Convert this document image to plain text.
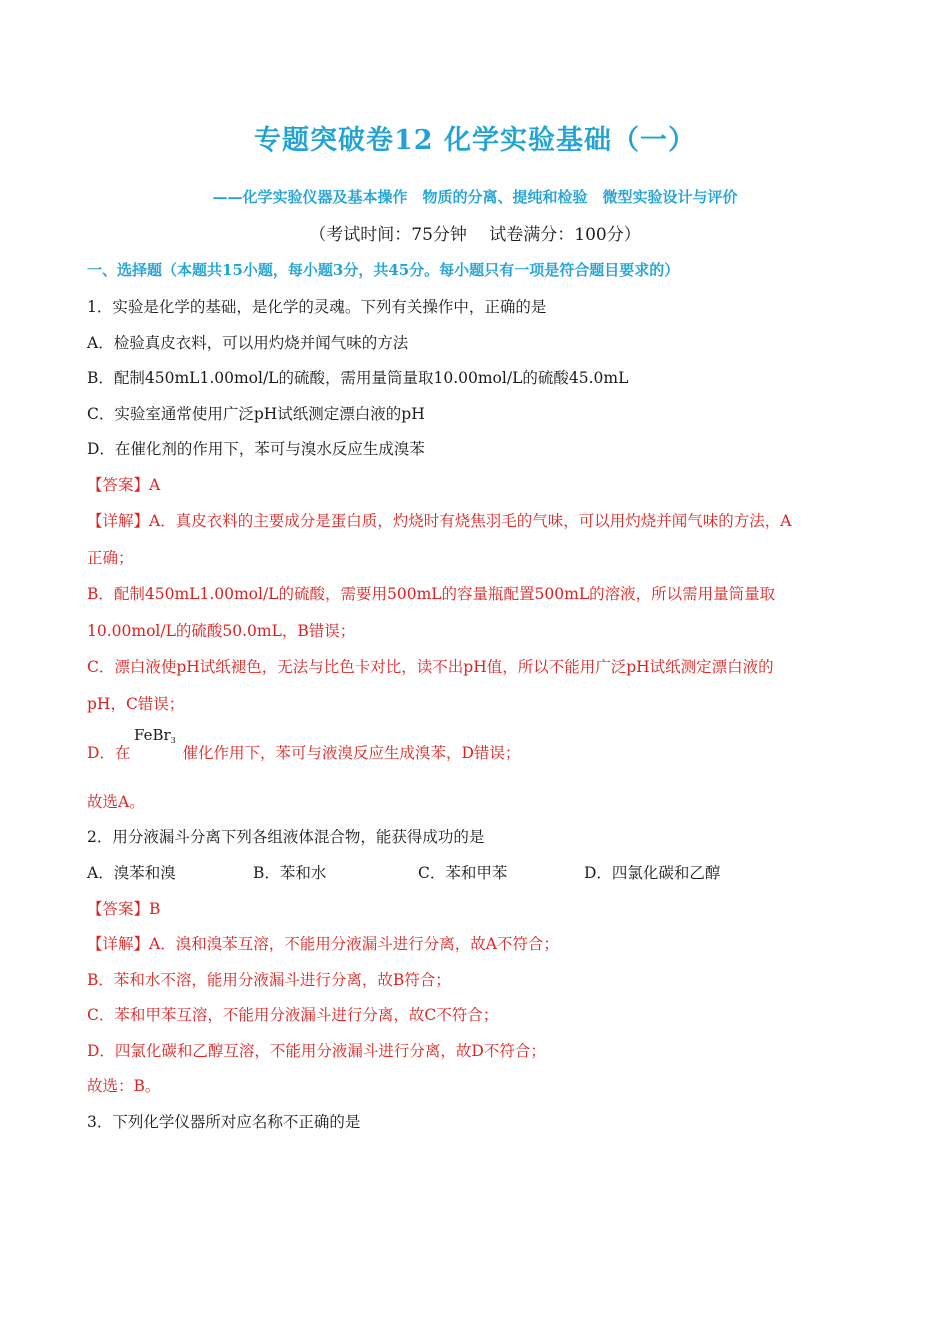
专题突破卷12 化学实验基础（一）
——化学实验仪器及基本操作　物质的分离、提纯和检验　微型实验设计与评价
（考试时间：75分钟　 试卷满分：100分）
一、选择题（本题共15小题，每小题3分，共45分。每小题只有一项是符合题目要求的）
1．实验是化学的基础，是化学的灵魂。下列有关操作中，正确的是
A．检验真皮衣料，可以用灼烧并闻气味的方法
B．配制450mL1.00mol/L的硫酸，需用量筒量取10.00mol/L的硫酸45.0mL
C．实验室通常使用广泛pH试纸测定漂白液的pH
D．在催化剂的作用下，苯可与溴水反应生成溴苯
【答案】A
【详解】A．真皮衣料的主要成分是蛋白质，灼烧时有烧焦羽毛的气味，可以用灼烧并闻气味的方法，A
正确；
B．配制450mL1.00mol/L的硫酸，需要用500mL的容量瓶配置500mL的溶液，所以需用量筒量取
10.00mol/L的硫酸50.0mL，B错误；
C．漂白液使pH试纸褪色，无法与比色卡对比，读不出pH值，所以不能用广泛pH试纸测定漂白液的
pH，C错误；
FeBr$_3$
D．在	催化作用下，苯可与液溴反应生成溴苯，D错误；
故选A。
2．用分液漏斗分离下列各组液体混合物，能获得成功的是
A．溴苯和溴	B．苯和水	C．苯和甲苯	D．四氯化碳和乙醇
【答案】B
【详解】A．溴和溴苯互溶，不能用分液漏斗进行分离，故A不符合；
B．苯和水不溶，能用分液漏斗进行分离，故B符合；
C．苯和甲苯互溶，不能用分液漏斗进行分离，故C不符合；
D．四氯化碳和乙醇互溶，不能用分液漏斗进行分离，故D不符合；
故选：B。
3．下列化学仪器所对应名称不正确的是
